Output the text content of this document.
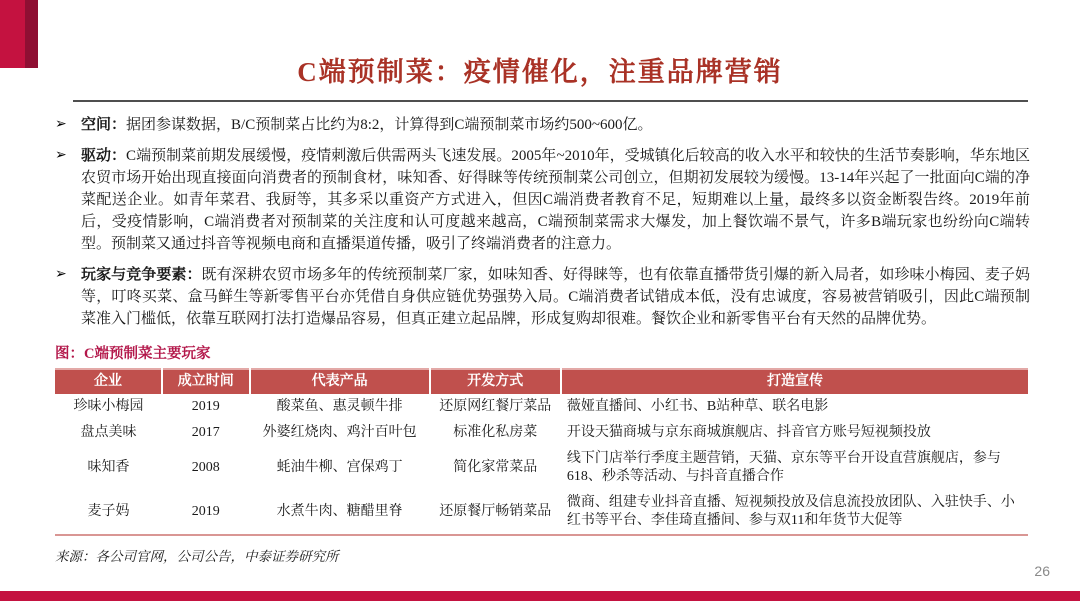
C端预制菜：疫情催化，注重品牌营销
➢ 空间：据团参谋数据，B/C预制菜占比约为8:2，计算得到C端预制菜市场约500~600亿。
➢ 驱动：C端预制菜前期发展缓慢，疫情刺激后供需两头飞速发展。2005年~2010年，受城镇化后较高的收入水平和较快的生活节奏影响，华东地区农贸市场开始出现直接面向消费者的预制食材，味知香、好得睐等传统预制菜公司创立，但期初发展较为缓慢。13-14年兴起了一批面向C端的净菜配送企业。如青年菜君、我厨等，其多采以重资产方式进入，但因C端消费者教育不足，短期难以上量，最终多以资金断裂告终。2019年前后，受疫情影响，C端消费者对预制菜的关注度和认可度越来越高，C端预制菜需求大爆发，加上餐饮端不景气，许多B端玩家也纷纷向C端转型。预制菜又通过抖音等视频电商和直播渠道传播，吸引了终端消费者的注意力。
➢ 玩家与竞争要素：既有深耕农贸市场多年的传统预制菜厂家，如味知香、好得睐等，也有依靠直播带货引爆的新入局者，如珍味小梅园、麦子妈等，叮咚买菜、盒马鲜生等新零售平台亦凭借自身供应链优势强势入局。C端消费者试错成本低，没有忠诚度，容易被营销吸引，因此C端预制菜准入门槛低，依靠互联网打法打造爆品容易，但真正建立起品牌，形成复购却很难。餐饮企业和新零售平台有天然的品牌优势。
图：C端预制菜主要玩家
企业	成立时间	代表产品	开发方式	打造宣传
珍味小梅园	2019	酸菜鱼、惠灵顿牛排	还原网红餐厅菜品	薇娅直播间、小红书、B站种草、联名电影
盘点美味	2017	外婆红烧肉、鸡汁百叶包	标准化私房菜	开设天猫商城与京东商城旗舰店、抖音官方账号短视频投放
味知香	2008	蚝油牛柳、宫保鸡丁	简化家常菜品	线下门店举行季度主题营销，天猫、京东等平台开设直营旗舰店，参与618、秒杀等活动、与抖音直播合作
麦子妈	2019	水煮牛肉、糖醋里脊	还原餐厅畅销菜品	微商、组建专业抖音直播、短视频投放及信息流投放团队、入驻快手、小红书等平台、李佳琦直播间、参与双11和年货节大促等
来源：各公司官网，公司公告，中泰证券研究所
26
